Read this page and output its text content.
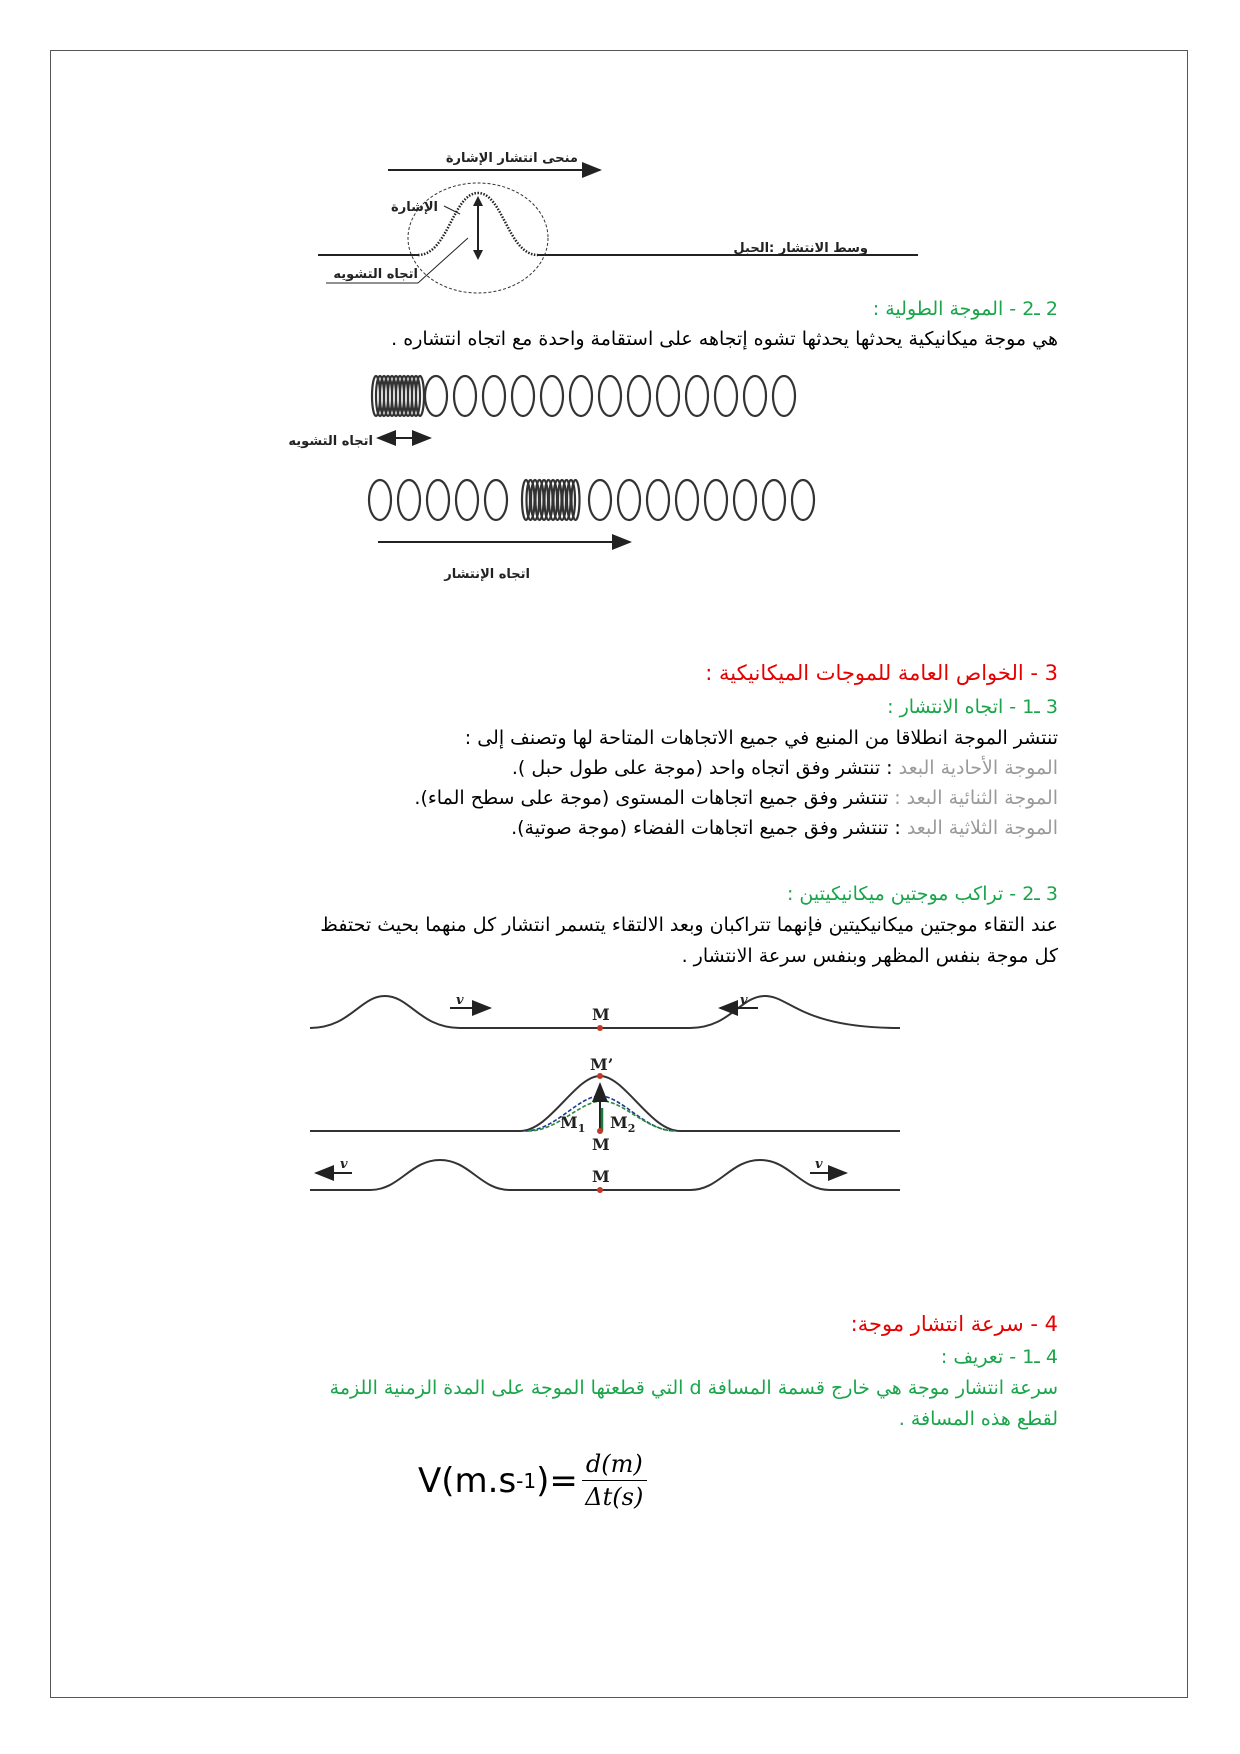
منحى انتشار الإشارة
الإشارة
وسط الانتشار :الحبل
اتجاه التشويه
2 ـ2 - الموجة الطولية :
هي موجة ميكانيكية يحدثها يحدثها تشوه إتجاهه على استقامة واحدة مع اتجاه انتشاره .
اتجاه التشويه
اتجاه الإنتشار
3 - الخواص العامة للموجات الميكانيكية :
3 ـ1 - اتجاه الانتشار :
تنتشر الموجة انطلاقا من المنبع في جميع الاتجاهات المتاحة لها وتصنف إلى :
الموجة الأحادية البعد : تنتشر وفق اتجاه واحد (موجة على طول حبل ).
الموجة الثنائية البعد : تنتشر وفق جميع اتجاهات المستوى (موجة على سطح الماء).
الموجة الثلاثية البعد : تنتشر وفق جميع اتجاهات الفضاء (موجة صوتية).
3 ـ2 - تراكب موجتين ميكانيكيتين :
عند التقاء موجتين ميكانيكيتين فإنهما تتراكبان وبعد الالتقاء يتسمر انتشار كل منهما بحيث تحتفظ
كل موجة بنفس المظهر وبنفس سرعة الانتشار .
v	v
M
M’
$M_1$ $M_2$
M
v	v
M
4 - سرعة انتشار موجة:
4 ـ1 - تعريف :
سرعة انتشار موجة هي خارج قسمة المسافة d التي قطعتها الموجة على المدة الزمنية اللزمة
لقطع هذه المسافة .
V(m.s -1 )= $\frac{d(m)}{\Delta t(s)}$
